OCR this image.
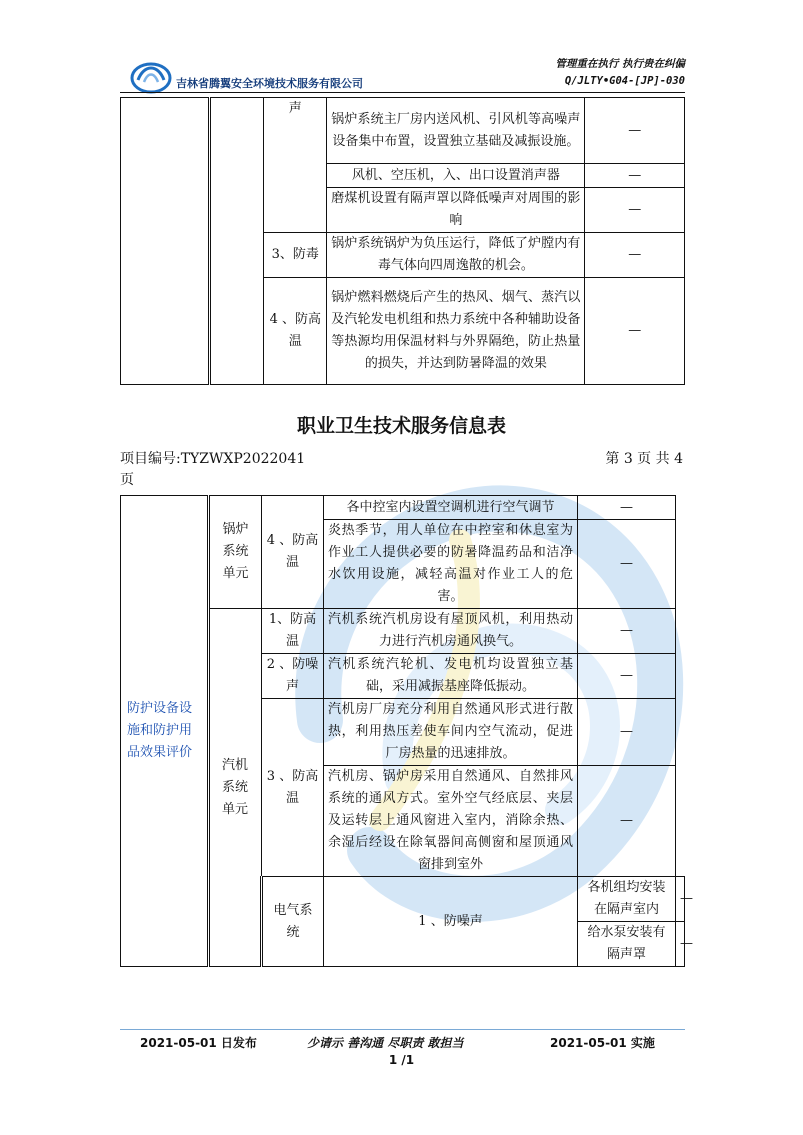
吉林省腾翼安全环境技术服务有限公司
管理重在执行 执行贵在纠偏
Q/JLTY•G04-[JP]-030
		声	锅炉系统主厂房内送风机、引风机等高噪声设备集中布置，设置独立基础及减振设施。	—
			风机、空压机，入、出口设置消声器	—
			磨煤机设置有隔声罩以降低噪声对周围的影响	—
		3、防毒	锅炉系统锅炉为负压运行，降低了炉膛内有毒气体向四周逸散的机会。	—
		4 、防高温	锅炉燃料燃烧后产生的热风、烟气、蒸汽以及汽轮发电机组和热力系统中各种辅助设备等热源均用保温材料与外界隔绝，防止热量的损失，并达到防暑降温的效果	—
职业卫生技术服务信息表
项目编号:TYZWXP2022041	第 3 页 共 4
页
防护设备设施和防护用品效果评价	锅炉系统单元	4 、防高温	各中控室内设置空调机进行空气调节	—	
			炎热季节，用人单位在中控室和休息室为作业工人提供必要的防暑降温药品和洁净水饮用设施，减轻高温对作业工人的危害。	—	
	汽机系统单元	1、防高温	汽机系统汽机房设有屋顶风机，利用热动力进行汽机房通风换气。	—	
		2 、防噪声	汽机系统汽轮机、发电机均设置独立基础，采用减振基座降低振动。	—	
		3 、防高温	汽机房厂房充分利用自然通风形式进行散热，利用热压差使车间内空气流动，促进厂房热量的迅速排放。	—	
			汽机房、锅炉房采用自然通风、自然排风系统的通风方式。室外空气经底层、夹层及运转层上通风窗进入室内，消除余热、余湿后经设在除氧器间高侧窗和屋顶通风窗排到室外	—	
		电气系统	1 、防噪声	各机组均安装在隔声室内	—
				给水泵安装有隔声罩	—
2021-05-01 日发布	少请示 善沟通 尽职责 敢担当	2021-05-01 实施
1 /1
